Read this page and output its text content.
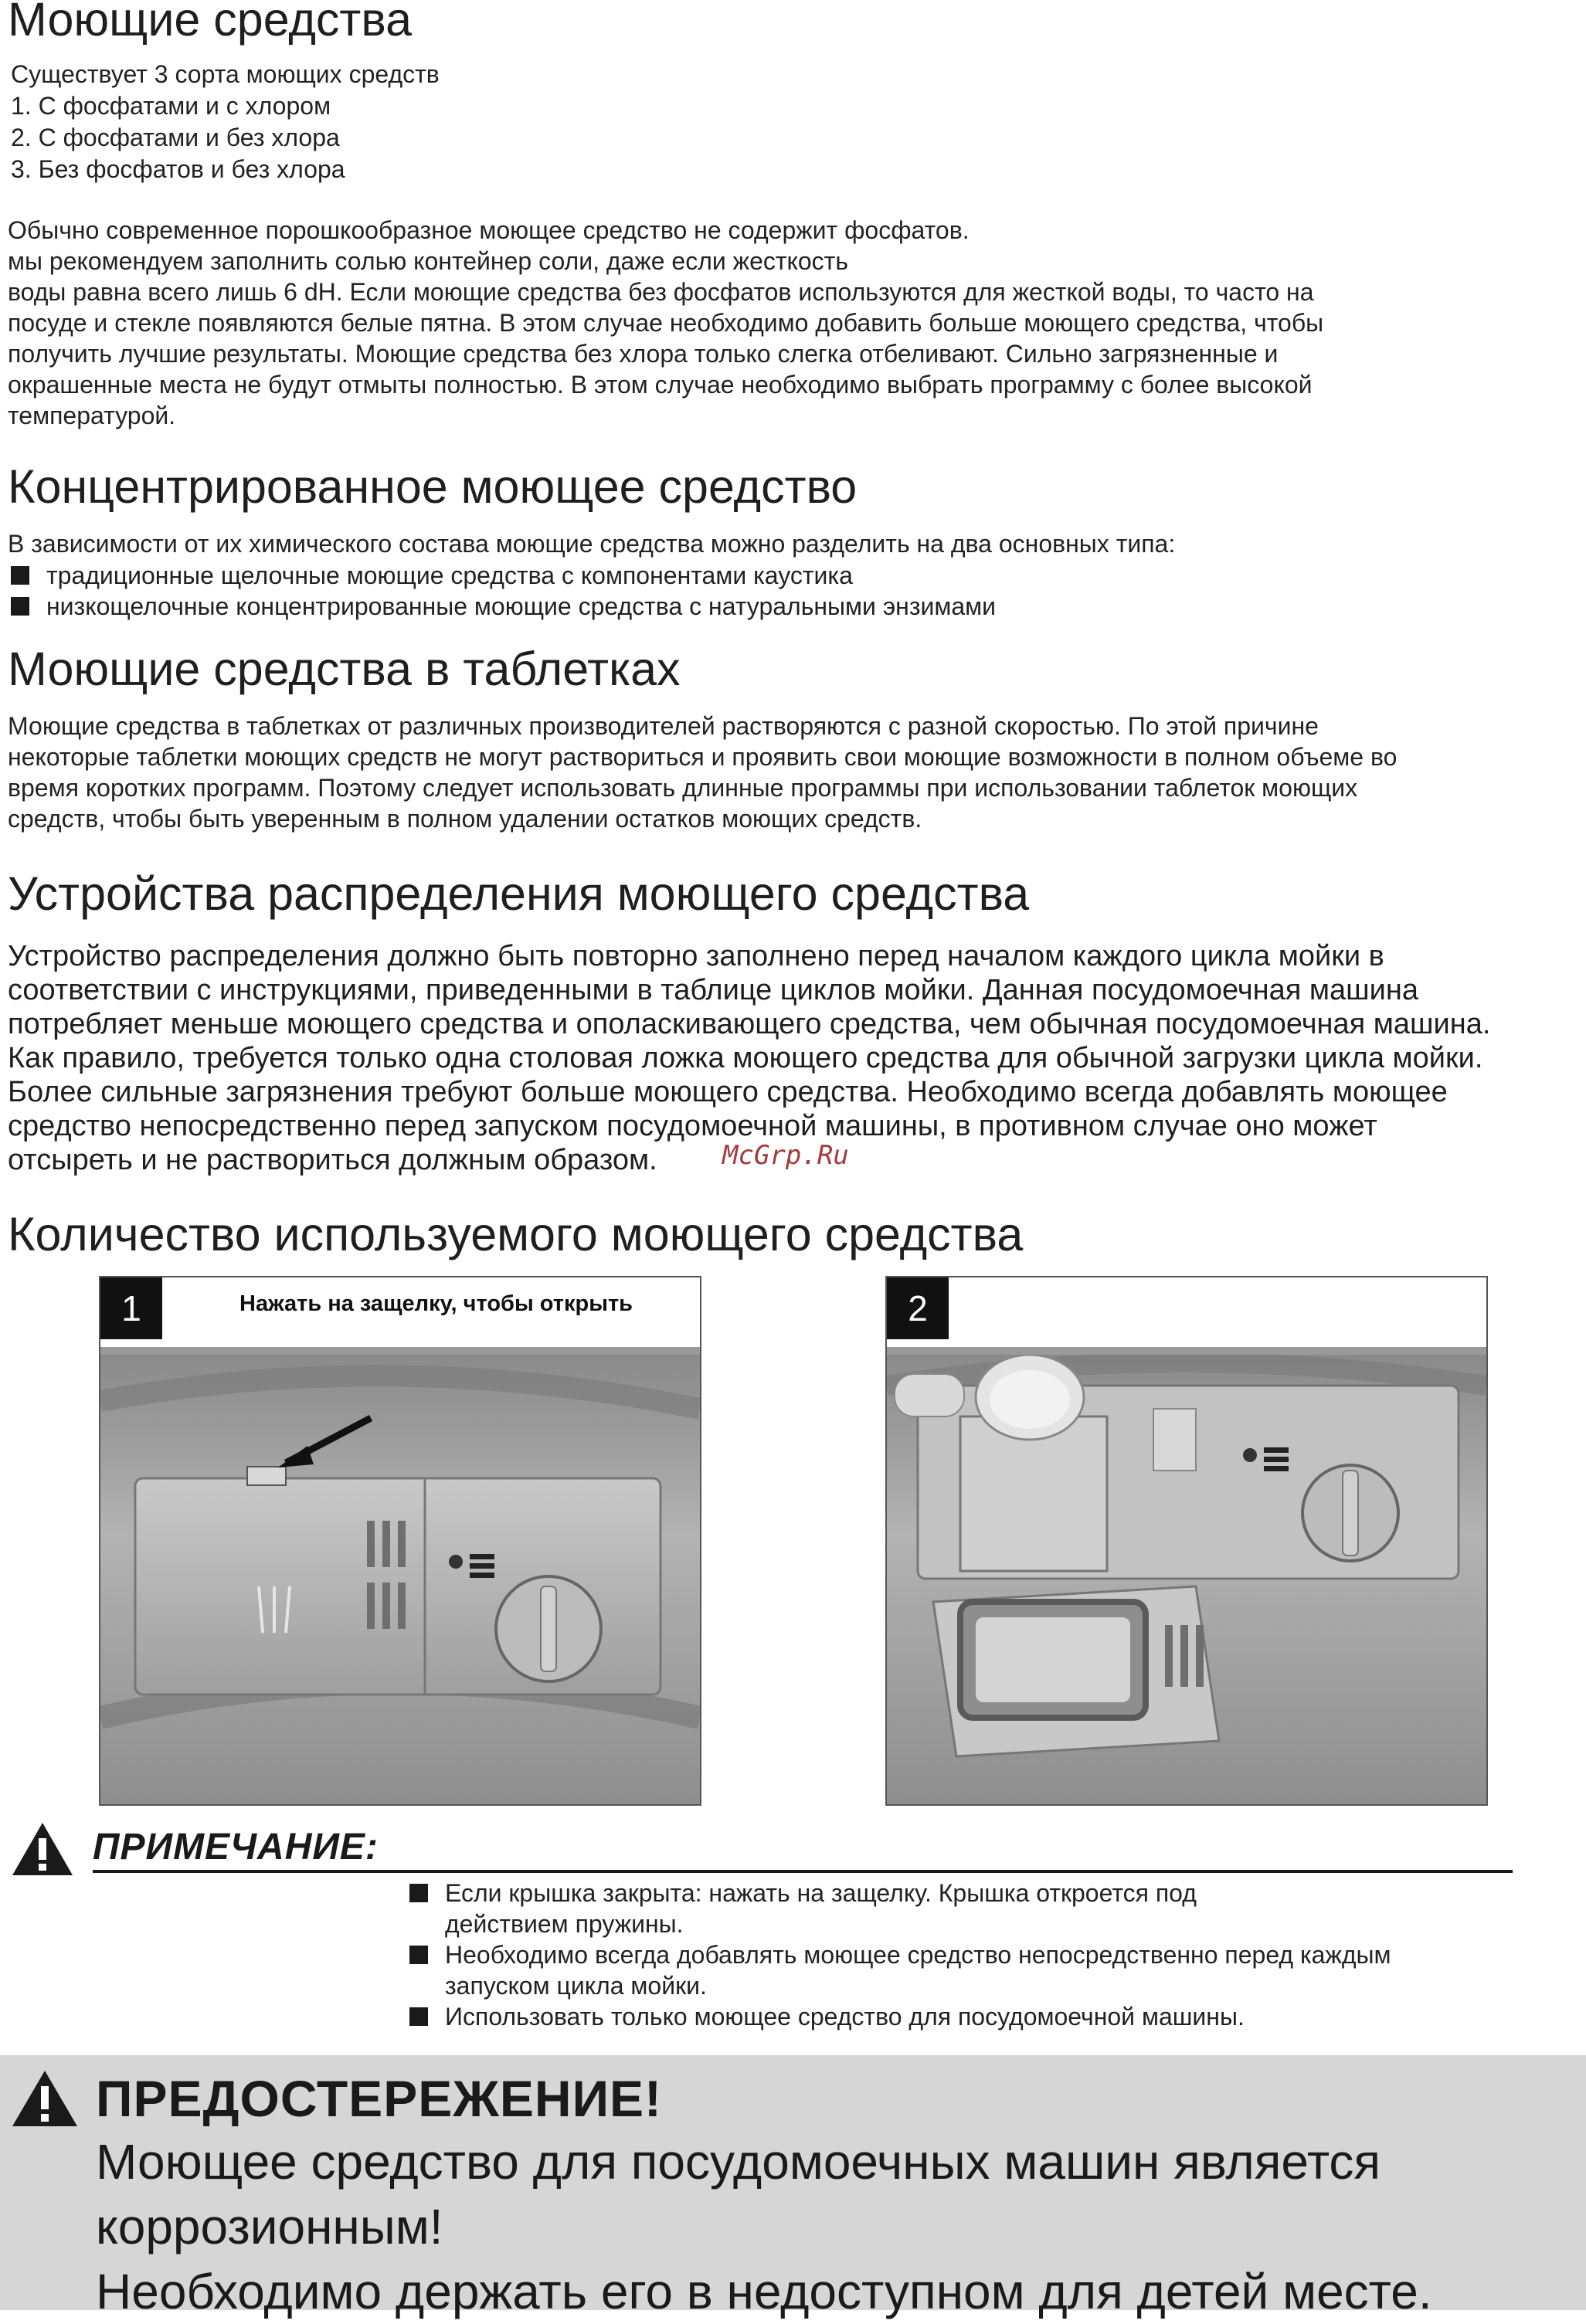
Моющие средства
Существует 3 сорта моющих средств
1. С фосфатами и с хлором
2. С фосфатами и без хлора
3. Без фосфатов и без хлора
Обычно современное порошкообразное моющее средство не содержит фосфатов.
мы рекомендуем заполнить солью контейнер соли, даже если жесткость
воды равна всего лишь 6 dH. Если моющие средства без фосфатов используются для жесткой воды, то часто на
посуде и стекле появляются белые пятна. В этом случае необходимо добавить больше моющего средства, чтобы
получить лучшие результаты. Моющие средства без хлора только слегка отбеливают. Сильно загрязненные и
окрашенные места не будут отмыты полностью. В этом случае необходимо выбрать программу с более высокой
температурой.
Концентрированное моющее средство
В зависимости от их химического состава моющие средства можно разделить на два основных типа:
традиционные щелочные моющие средства с компонентами каустика
низкощелочные концентрированные моющие средства с натуральными энзимами
Моющие средства в таблетках
Моющие средства в таблетках от различных производителей растворяются с разной скоростью. По этой причине
некоторые таблетки моющих средств не могут раствориться и проявить свои моющие возможности в полном объеме во
время коротких программ. Поэтому следует использовать длинные программы при использовании таблеток моющих
средств, чтобы быть уверенным в полном удалении остатков моющих средств.
Устройства распределения моющего средства
Устройство распределения должно быть повторно заполнено перед началом каждого цикла мойки в
соответствии с инструкциями, приведенными в таблице циклов мойки. Данная посудомоечная машина
потребляет меньше моющего средства и ополаскивающего средства, чем обычная посудомоечная машина.
Как правило, требуется только одна столовая ложка моющего средства для обычной загрузки цикла мойки.
Более сильные загрязнения требуют больше моющего средства. Необходимо всегда добавлять моющее
средство непосредственно перед запуском посудомоечной машины, в противном случае оно может
отсыреть и не раствориться должным образом.	McGrp.Ru
Количество используемого моющего средства
1	Нажать на защелку, чтобы открыть	2
ПРИМЕЧАНИЕ:
Если крышка закрыта: нажать на защелку. Крышка откроется под
действием пружины.
Необходимо всегда добавлять моющее средство непосредственно перед каждым
запуском цикла мойки.
Использовать только моющее средство для посудомоечной машины.
ПРЕДОСТЕРЕЖЕНИЕ!
Моющее средство для посудомоечных машин является
коррозионным!
Необходимо держать его в недоступном для детей месте.
